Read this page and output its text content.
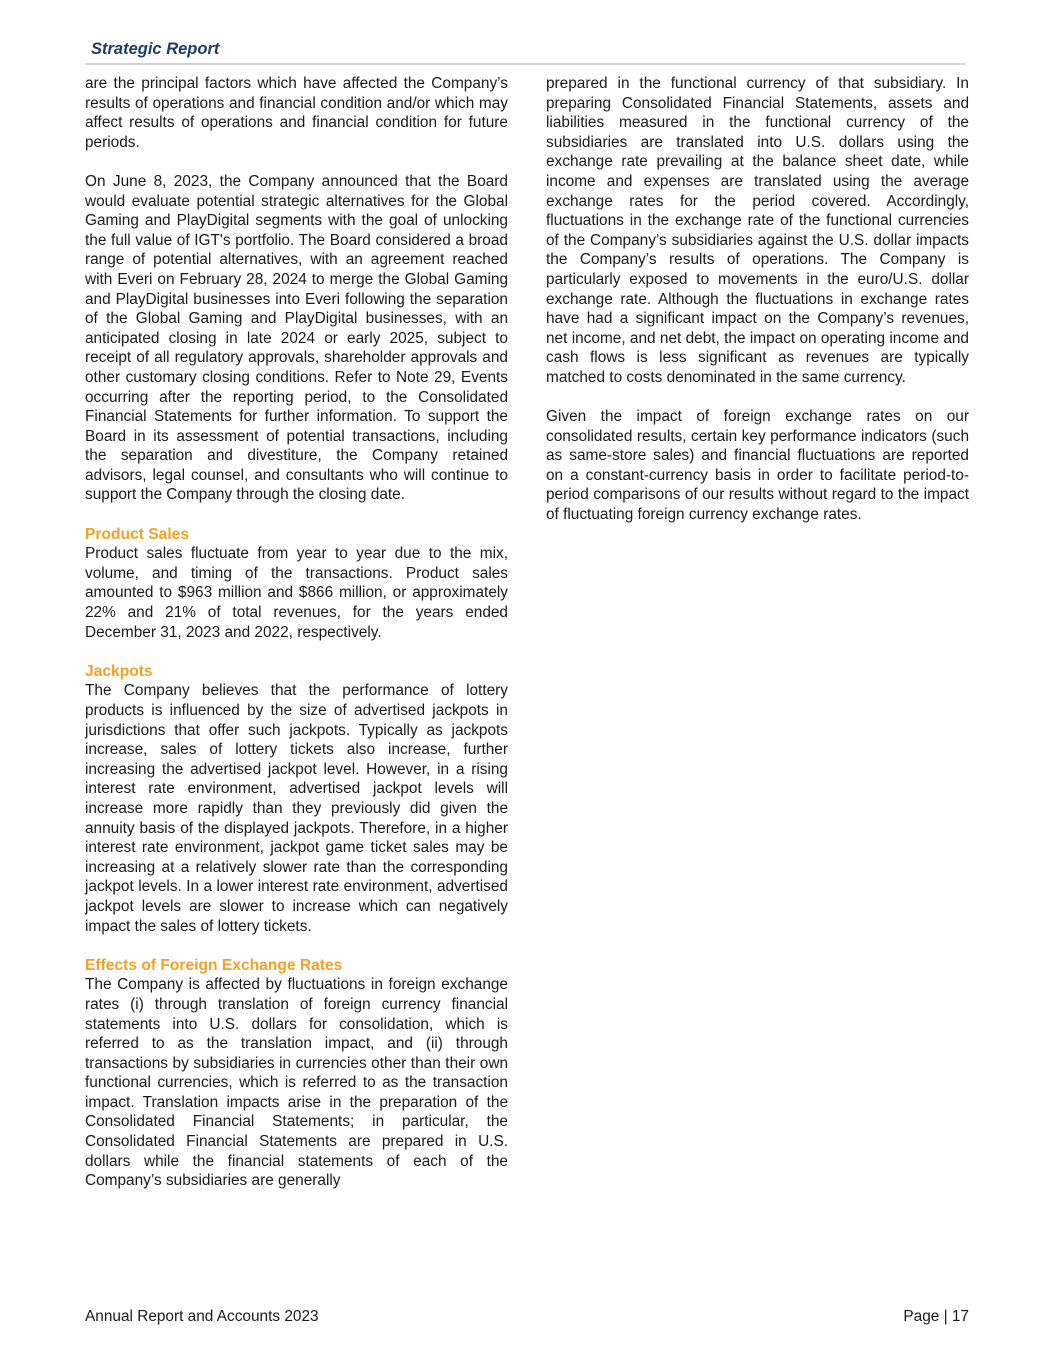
Strategic Report

are the principal factors which have affected the Company’s results of operations and financial condition and/or which may affect results of operations and financial condition for future periods.

On June 8, 2023, the Company announced that the Board would evaluate potential strategic alternatives for the Global Gaming and PlayDigital segments with the goal of unlocking the full value of IGT's portfolio. The Board considered a broad range of potential alternatives, with an agreement reached with Everi on February 28, 2024 to merge the Global Gaming and PlayDigital businesses into Everi following the separation of the Global Gaming and PlayDigital businesses, with an anticipated closing in late 2024 or early 2025, subject to receipt of all regulatory approvals, shareholder approvals and other customary closing conditions. Refer to Note 29, Events occurring after the reporting period, to the Consolidated Financial Statements for further information. To support the Board in its assessment of potential transactions, including the separation and divestiture, the Company retained advisors, legal counsel, and consultants who will continue to support the Company through the closing date.

Product Sales

Product sales fluctuate from year to year due to the mix, volume, and timing of the transactions. Product sales amounted to $963 million and $866 million, or approximately 22% and 21% of total revenues, for the years ended December 31, 2023 and 2022, respectively.

Jackpots

The Company believes that the performance of lottery products is influenced by the size of advertised jackpots in jurisdictions that offer such jackpots. Typically as jackpots increase, sales of lottery tickets also increase, further increasing the advertised jackpot level. However, in a rising interest rate environment, advertised jackpot levels will increase more rapidly than they previously did given the annuity basis of the displayed jackpots. Therefore, in a higher interest rate environment, jackpot game ticket sales may be increasing at a relatively slower rate than the corresponding jackpot levels. In a lower interest rate environment, advertised jackpot levels are slower to increase which can negatively impact the sales of lottery tickets.

Effects of Foreign Exchange Rates

The Company is affected by fluctuations in foreign exchange rates (i) through translation of foreign currency financial statements into U.S. dollars for consolidation, which is referred to as the translation impact, and (ii) through transactions by subsidiaries in currencies other than their own functional currencies, which is referred to as the transaction impact. Translation impacts arise in the preparation of the Consolidated Financial Statements; in particular, the Consolidated Financial Statements are prepared in U.S. dollars while the financial statements of each of the Company’s subsidiaries are generally

prepared in the functional currency of that subsidiary. In preparing Consolidated Financial Statements, assets and liabilities measured in the functional currency of the subsidiaries are translated into U.S. dollars using the exchange rate prevailing at the balance sheet date, while income and expenses are translated using the average exchange rates for the period covered. Accordingly, fluctuations in the exchange rate of the functional currencies of the Company’s subsidiaries against the U.S. dollar impacts the Company’s results of operations. The Company is particularly exposed to movements in the euro/U.S. dollar exchange rate. Although the fluctuations in exchange rates have had a significant impact on the Company’s revenues, net income, and net debt, the impact on operating income and cash flows is less significant as revenues are typically matched to costs denominated in the same currency.

Given the impact of foreign exchange rates on our consolidated results, certain key performance indicators (such as same-store sales) and financial fluctuations are reported on a constant-currency basis in order to facilitate period-to-period comparisons of our results without regard to the impact of fluctuating foreign currency exchange rates.

Annual Report and Accounts 2023	Page | 17
